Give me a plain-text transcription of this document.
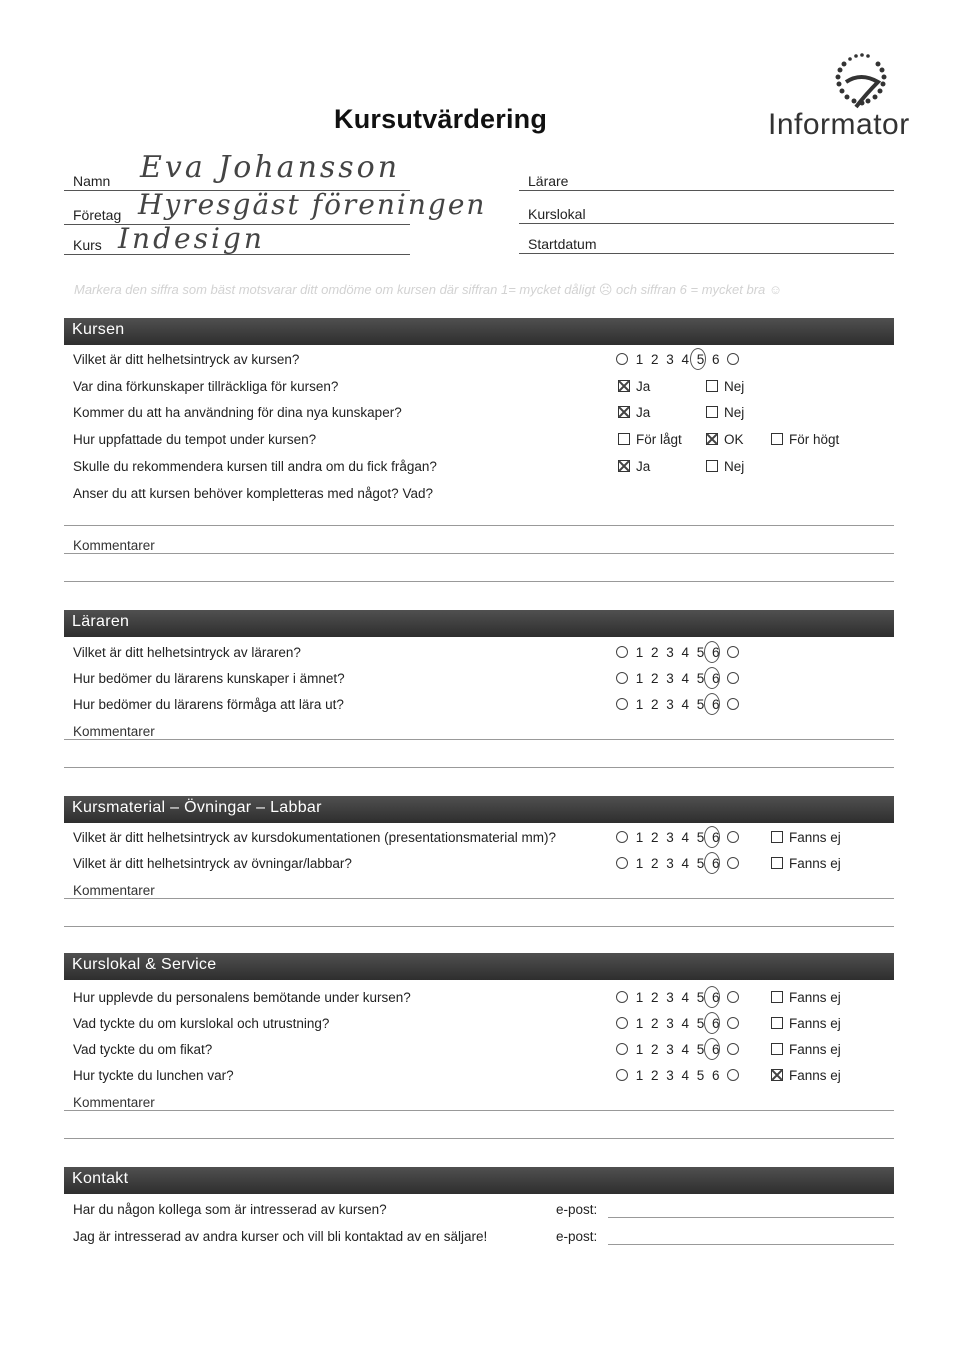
Kursutvärdering	Informator
Namn Eva Johansson
Företag Hyresgäst föreningen
Kurs Indesign
Lärare
Kurslokal
Startdatum
Markera den siffra som bäst motsvarar ditt omdöme om kursen där siffran 1= mycket dåligt ☹ och siffran 6 = mycket bra ☺
Kursen
Vilket är ditt helhetsintryck av kursen?	1 2 3 4 5 6
Var dina förkunskaper tillräckliga för kursen?	Ja	Nej
Kommer du att ha användning för dina nya kunskaper?	Ja	Nej
Hur uppfattade du tempot under kursen?	För lågt	OK	För högt
Skulle du rekommendera kursen till andra om du fick frågan?	Ja	Nej
Anser du att kursen behöver kompletteras med något? Vad?
Kommentarer
Läraren
Vilket är ditt helhetsintryck av läraren?	1 2 3 4 5 6
Hur bedömer du lärarens kunskaper i ämnet?	1 2 3 4 5 6
Hur bedömer du lärarens förmåga att lära ut?	1 2 3 4 5 6
Kommentarer
Kursmaterial – Övningar – Labbar
Vilket är ditt helhetsintryck av kursdokumentationen (presentationsmaterial mm)?	1 2 3 4 5 6	Fanns ej
Vilket är ditt helhetsintryck av övningar/labbar?	1 2 3 4 5 6	Fanns ej
Kommentarer
Kurslokal & Service
Hur upplevde du personalens bemötande under kursen?	1 2 3 4 5 6	Fanns ej
Vad tyckte du om kurslokal och utrustning?	1 2 3 4 5 6	Fanns ej
Vad tyckte du om fikat?	1 2 3 4 5 6	Fanns ej
Hur tyckte du lunchen var?	1 2 3 4 5 6	Fanns ej
Kommentarer
Kontakt
Har du någon kollega som är intresserad av kursen?	e-post:
Jag är intresserad av andra kurser och vill bli kontaktad av en säljare!	e-post:
